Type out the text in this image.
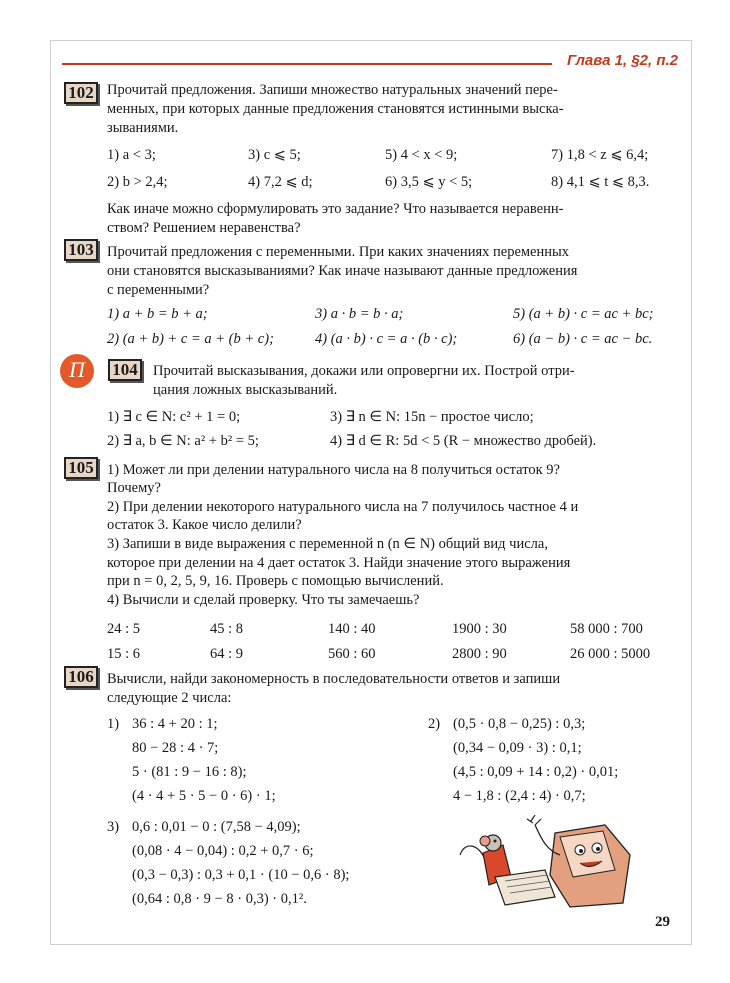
Глава 1, §2, п.2
102 Прочитай предложения. Запиши множество натуральных значений пере-
менных, при которых данные предложения становятся истинными выска-
зываниями.
1) a < 3;	3) c ⩽ 5;	5) 4 < x < 9;	7) 1,8 < z ⩽ 6,4;
2) b > 2,4;	4) 7,2 ⩽ d;	6) 3,5 ⩽ y < 5;	8) 4,1 ⩽ t ⩽ 8,3.
Как иначе можно сформулировать это задание? Что называется неравенн-
ством? Решением неравенства?
103 Прочитай предложения с переменными. При каких значениях переменных
они становятся высказываниями? Как иначе называют данные предложения
с переменными?
1) a + b = b + a;	3) a · b = b · a;	5) (a + b) · c = ac + bc;
2) (a + b) + c = a + (b + c);	4) (a · b) · c = a · (b · c);	6) (a − b) · c = ac − bc.
П	104 Прочитай высказывания, докажи или опровергни их. Построй отри-
цания ложных высказываний.
1) ∃ c ∈ N: c² + 1 = 0;	3) ∃ n ∈ N: 15n − простое число;
2) ∃ a, b ∈ N: a² + b² = 5;	4) ∃ d ∈ R: 5d < 5 (R − множество дробей).
105 1) Может ли при делении натурального числа на 8 получиться остаток 9?
Почему?
2) При делении некоторого натурального числа на 7 получилось частное 4 и
остаток 3. Какое число делили?
3) Запиши в виде выражения с переменной n (n ∈ N) общий вид числа,
которое при делении на 4 дает остаток 3. Найди значение этого выражения
при n = 0, 2, 5, 9, 16. Проверь с помощью вычислений.
4) Вычисли и сделай проверку. Что ты замечаешь?
24 : 5	45 : 8	140 : 40	1900 : 30	58 000 : 700
15 : 6	64 : 9	560 : 60	2800 : 90	26 000 : 5000
106 Вычисли, найди закономерность в последовательности ответов и запиши
следующие 2 числа:
1) 36 : 4 + 20 : 1;
80 − 28 : 4 · 7;
5 · (81 : 9 − 16 : 8);
(4 · 4 + 5 · 5 − 0 · 6) · 1;
2) (0,5 · 0,8 − 0,25) : 0,3;
(0,34 − 0,09 · 3) : 0,1;
(4,5 : 0,09 + 14 : 0,2) · 0,01;
4 − 1,8 : (2,4 : 4) · 0,7;
3) 0,6 : 0,01 − 0 : (7,58 − 4,09);
(0,08 · 4 − 0,04) : 0,2 + 0,7 · 6;
(0,3 − 0,3) : 0,3 + 0,1 · (10 − 0,6 · 8);
(0,64 : 0,8 · 9 − 8 · 0,3) · 0,1².
29
